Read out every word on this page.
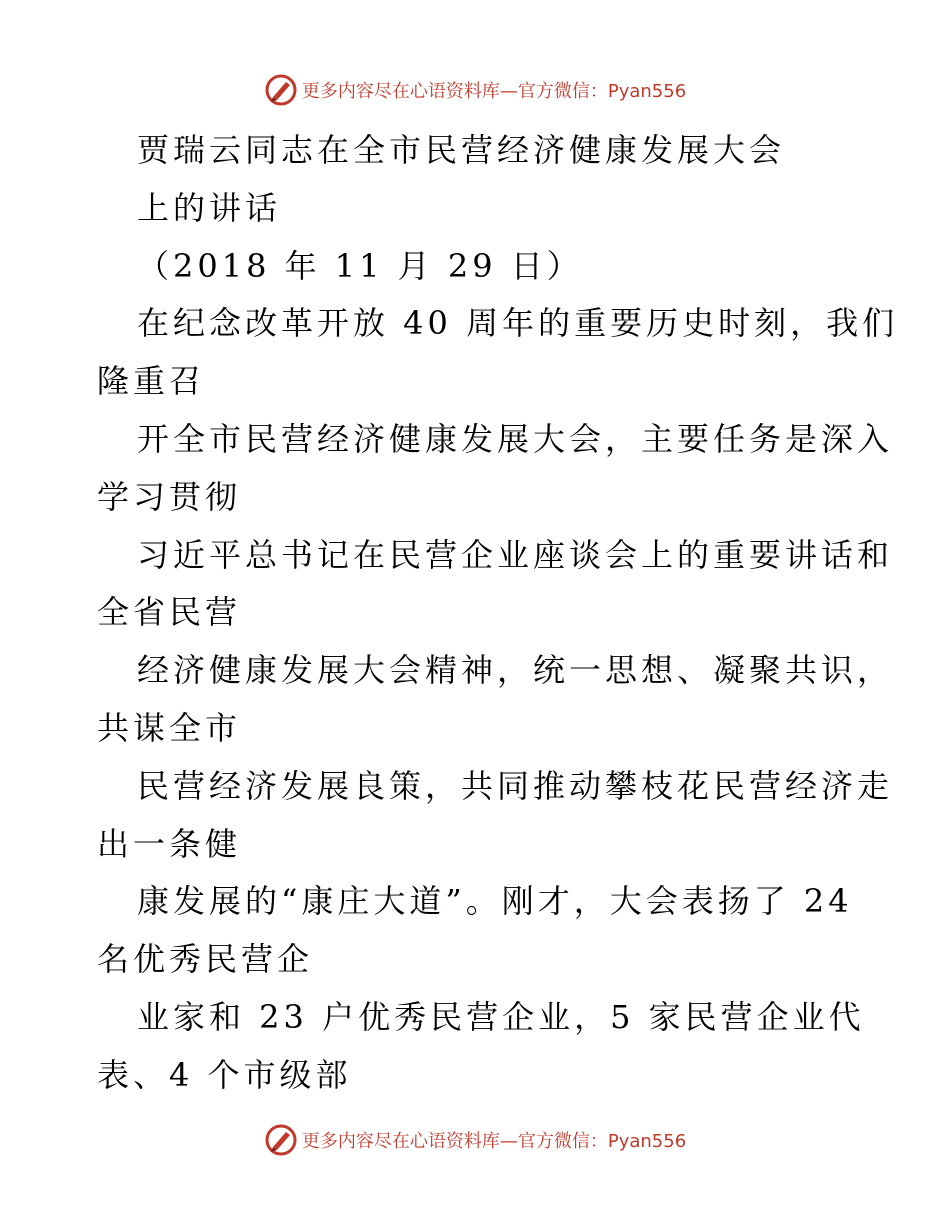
更多内容尽在心语资料库—官方微信：Pyan556
贾瑞云同志在全市民营经济健康发展大会
上的讲话
（2018 年 11 月 29 日）
在纪念改革开放 40 周年的重要历史时刻，我们
隆重召
开全市民营经济健康发展大会，主要任务是深入
学习贯彻
习近平总书记在民营企业座谈会上的重要讲话和
全省民营
经济健康发展大会精神，统一思想、凝聚共识，
共谋全市
民营经济发展良策，共同推动攀枝花民营经济走
出一条健
康发展的“康庄大道”。刚才，大会表扬了 24
名优秀民营企
业家和 23 户优秀民营企业，5 家民营企业代
表、4 个市级部
更多内容尽在心语资料库—官方微信：Pyan556
